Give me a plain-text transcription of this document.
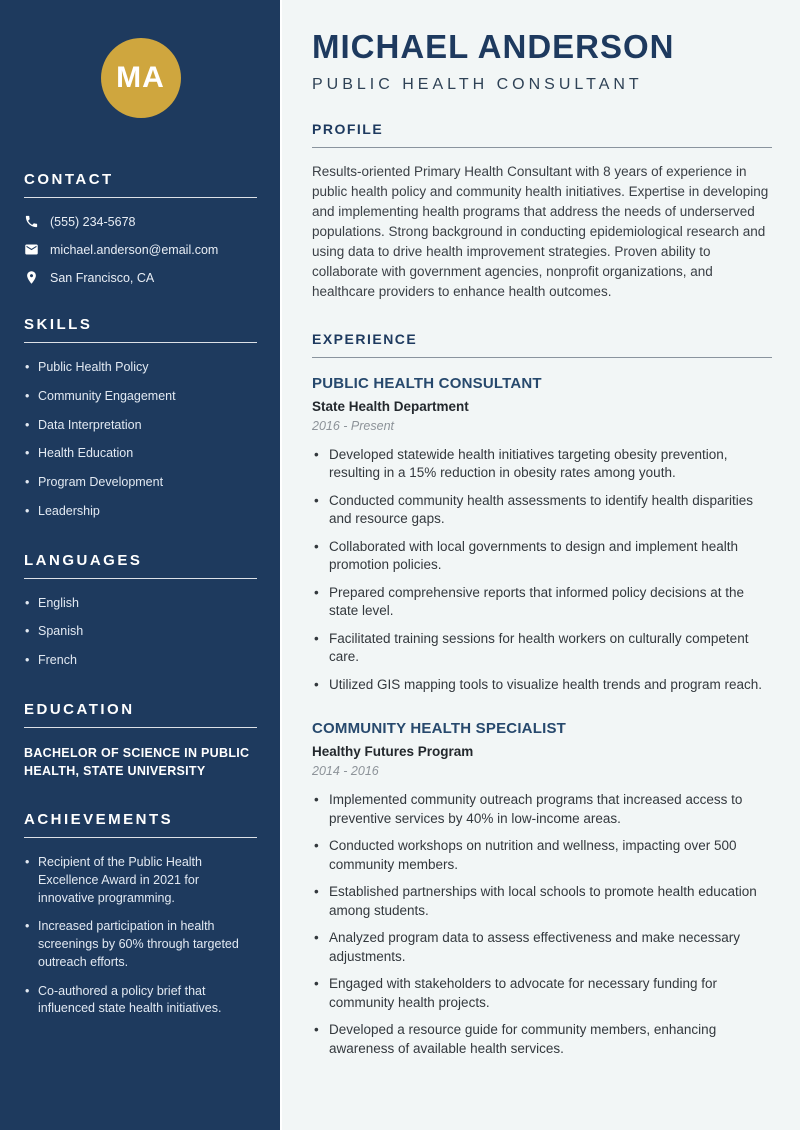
MA
CONTACT
(555) 234-5678
michael.anderson@email.com
San Francisco, CA
SKILLS
• Public Health Policy
• Community Engagement
• Data Interpretation
• Health Education
• Program Development
• Leadership
LANGUAGES
• English
• Spanish
• French
EDUCATION

BACHELOR OF SCIENCE IN PUBLIC HEALTH, STATE UNIVERSITY

ACHIEVEMENTS
• Recipient of the Public Health Excellence Award in 2021 for innovative programming.
• Increased participation in health screenings by 60% through targeted outreach efforts.
• Co-authored a policy brief that influenced state health initiatives.
MICHAEL ANDERSON
PUBLIC HEALTH CONSULTANT
PROFILE

Results-oriented Primary Health Consultant with 8 years of experience in public health policy and community health initiatives. Expertise in developing and implementing health programs that address the needs of underserved populations. Strong background in conducting epidemiological research and using data to drive health improvement strategies. Proven ability to collaborate with government agencies, nonprofit organizations, and healthcare providers to enhance health outcomes.

EXPERIENCE
PUBLIC HEALTH CONSULTANT
State Health Department
2016 - Present
• Developed statewide health initiatives targeting obesity prevention, resulting in a 15% reduction in obesity rates among youth.
• Conducted community health assessments to identify health disparities and resource gaps.
• Collaborated with local governments to design and implement health promotion policies.
• Prepared comprehensive reports that informed policy decisions at the state level.
• Facilitated training sessions for health workers on culturally competent care.
• Utilized GIS mapping tools to visualize health trends and program reach.
COMMUNITY HEALTH SPECIALIST
Healthy Futures Program
2014 - 2016
• Implemented community outreach programs that increased access to preventive services by 40% in low-income areas.
• Conducted workshops on nutrition and wellness, impacting over 500 community members.
• Established partnerships with local schools to promote health education among students.
• Analyzed program data to assess effectiveness and make necessary adjustments.
• Engaged with stakeholders to advocate for necessary funding for community health projects.
• Developed a resource guide for community members, enhancing awareness of available health services.
